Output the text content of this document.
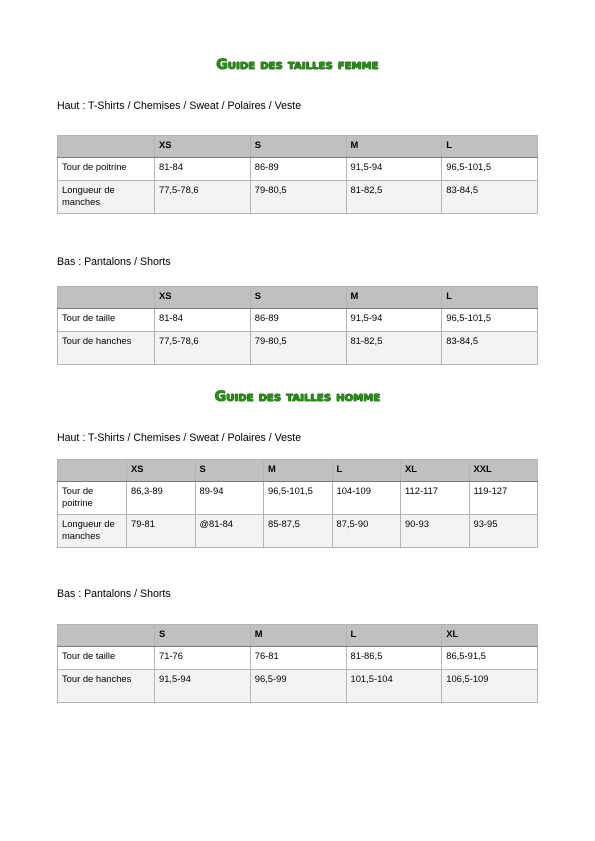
Guide des tailles femme
Haut : T-Shirts / Chemises / Sweat / Polaires / Veste
	XS	S	M	L
Tour de poitrine	81-84	86-89	91,5-94	96,5-101,5
Longueur de manches	77,5-78,6	79-80,5	81-82,5	83-84,5
Bas : Pantalons / Shorts
	XS	S	M	L
Tour de taille	81-84	86-89	91,5-94	96,5-101,5
Tour de hanches	77,5-78,6	79-80,5	81-82,5	83-84,5
Guide des tailles homme
Haut : T-Shirts / Chemises / Sweat / Polaires / Veste
	XS	S	M	L	XL	XXL
Tour de poitrine	86,3-89	89-94	96,5-101,5	104-109	112-117	119-127
Longueur de manches	79-81	@81-84	85-87,5	87,5-90	90-93	93-95
Bas : Pantalons / Shorts
	S	M	L	XL
Tour de taille	71-76	76-81	81-86,5	86,5-91,5
Tour de hanches	91,5-94	96,5-99	101,5-104	106,5-109
